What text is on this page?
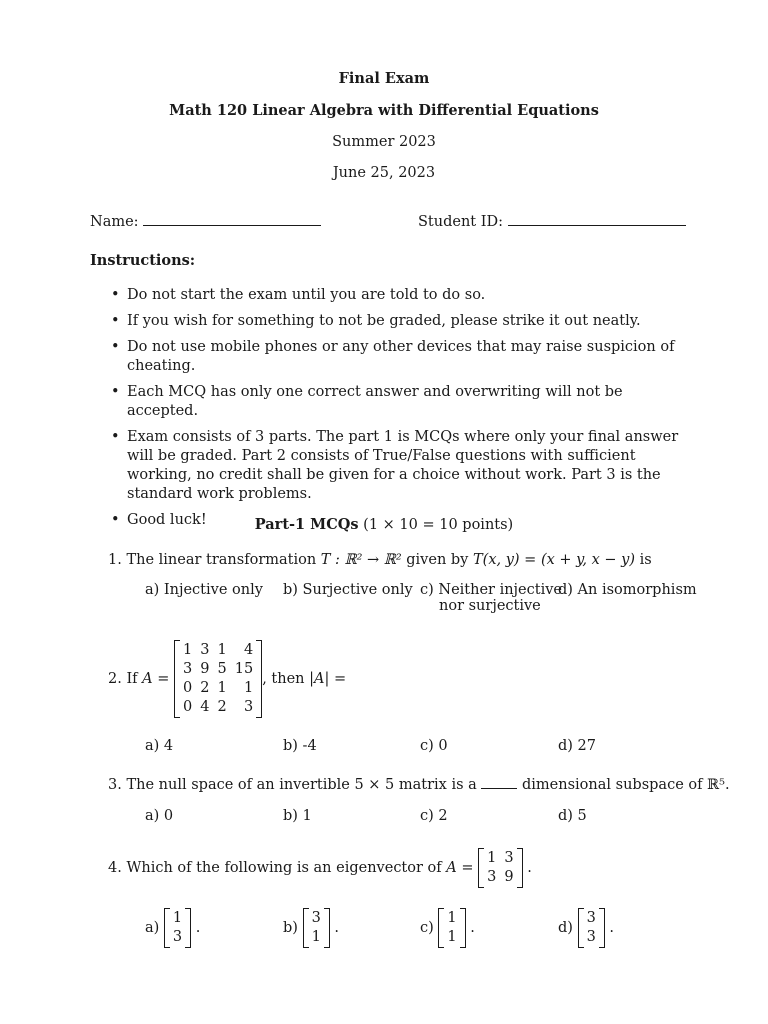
Final Exam
Math 120 Linear Algebra with Differential Equations
Summer 2023
June 25, 2023
Name:	Student ID:
Instructions:
• Do not start the exam until you are told to do so.
• If you wish for something to not be graded, please strike it out neatly.
• Do not use mobile phones or any other devices that may raise suspicion of cheating.
• Each MCQ has only one correct answer and overwriting will not be accepted.
• Exam consists of 3 parts. The part 1 is MCQs where only your final answer will be graded. Part 2 consists of True/False questions with sufficient working, no credit shall be given for a choice without work. Part 3 is the standard work problems.
• Good luck!	Part-1 MCQs (1 × 10 = 10 points)
1. The linear transformation T : ℝ² → ℝ² given by T(x, y) = (x + y, x − y) is
a) Injective only b) Surjective only c) Neither injective
nor surjective
d) An isomorphism
2. If A =
1	3	1	4
3	9	5	15
0	2	1	1
0	4	2	3
, then |A| =
a) 4	b) -4	c) 0	d) 27
3. The null space of an invertible 5 × 5 matrix is a  dimensional subspace of ℝ⁵.
a) 0	b) 1	c) 2	d) 5
4. Which of the following is an eigenvector of A =
1	3
3	9
.
a)
1
3
.	b)
3
1
.	c)
1
1
.	d)
3
3
.
